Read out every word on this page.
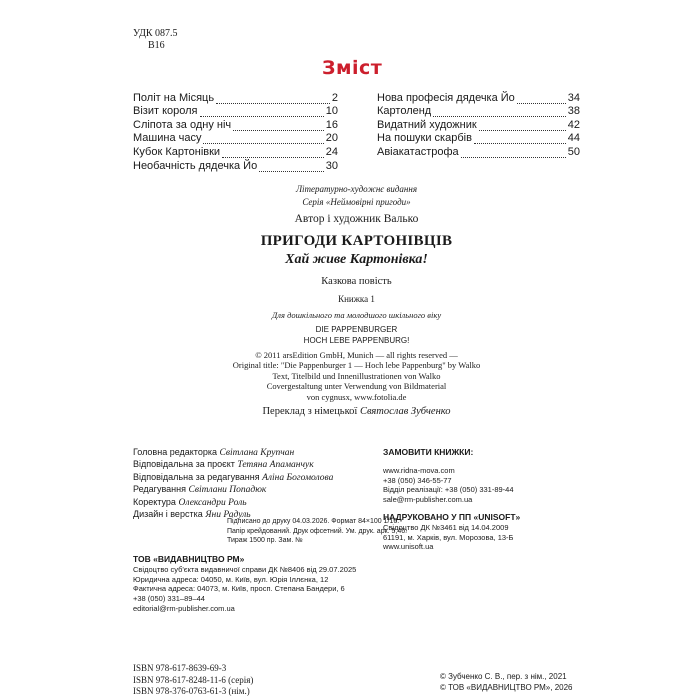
УДК 087.5
В16
Зміст
Політ на Місяць	2
Візит короля	10
Сліпота за одну ніч	16
Машина часу	20
Кубок Картонівки	24
Необачність дядечка Йо	30
Нова професія дядечка Йо	34
Картоленд	38
Видатний художник	42
На пошуки скарбів	44
Авіакатастрофа	50
Літературно-художнє видання
Серія «Неймовірні пригоди»
Автор і художник Валько
ПРИГОДИ КАРТОНІВЦІВ
Хай живе Картонівка!
Казкова повість
Книжка 1
Для дошкільного та молодшого шкільного віку
DIE PAPPENBURGER
HOCH LEBE PAPPENBURG!
© 2011 arsEdition GmbH, Munich — all rights reserved —
Original title: "Die Pappenburger 1 — Hoch lebe Pappenburg" by Walko
Text, Titelbild und Innenillustrationen von Walko
Covergestaltung unter Verwendung von Bildmaterial
von cygnusx, www.fotolia.de
Переклад з німецької Святослав Зубченко
Головна редакторка Світлана Крупчан
Відповідальна за проєкт Тетяна Апаманчук
Відповідальна за редагування Аліна Богомолова
Редагування Світлани Попадюк
Коректура Олександри Роль
Дизайн і верстка Яни Радуль
Підписано до друку 04.03.2026. Формат 84×100 1/16.
Папір крейдований. Друк офсетний. Ум. друк. арк. 5,46.
Тираж 1500 пр. Зам. №
ТОВ «ВИДАВНИЦТВО РМ»
Свідоцтво суб'єкта видавничої справи ДК №8406 від 29.07.2025
Юридична адреса: 04050, м. Київ, вул. Юрія Іллєнка, 12
Фактична адреса: 04073, м. Київ, просп. Степана Бандери, 6
+38 (050) 331–89–44
editorial@rm-publisher.com.ua
ЗАМОВИТИ КНИЖКИ:
www.ridna-mova.com
+38 (050) 346-55-77
Відділ реалізації: +38 (050) 331-89-44
sale@rm-publisher.com.ua
НАДРУКОВАНО У ПП «UNISOFT»
Свідоцтво ДК №3461 від 14.04.2009
61191, м. Харків, вул. Морозова, 13-Б
www.unisoft.ua
ISBN 978-617-8639-69-3
ISBN 978-617-8248-11-6 (серія)
ISBN 978-376-0763-61-3 (нім.)
© Зубченко С. В., пер. з нім., 2021
© ТОВ «ВИДАВНИЦТВО РМ», 2026
